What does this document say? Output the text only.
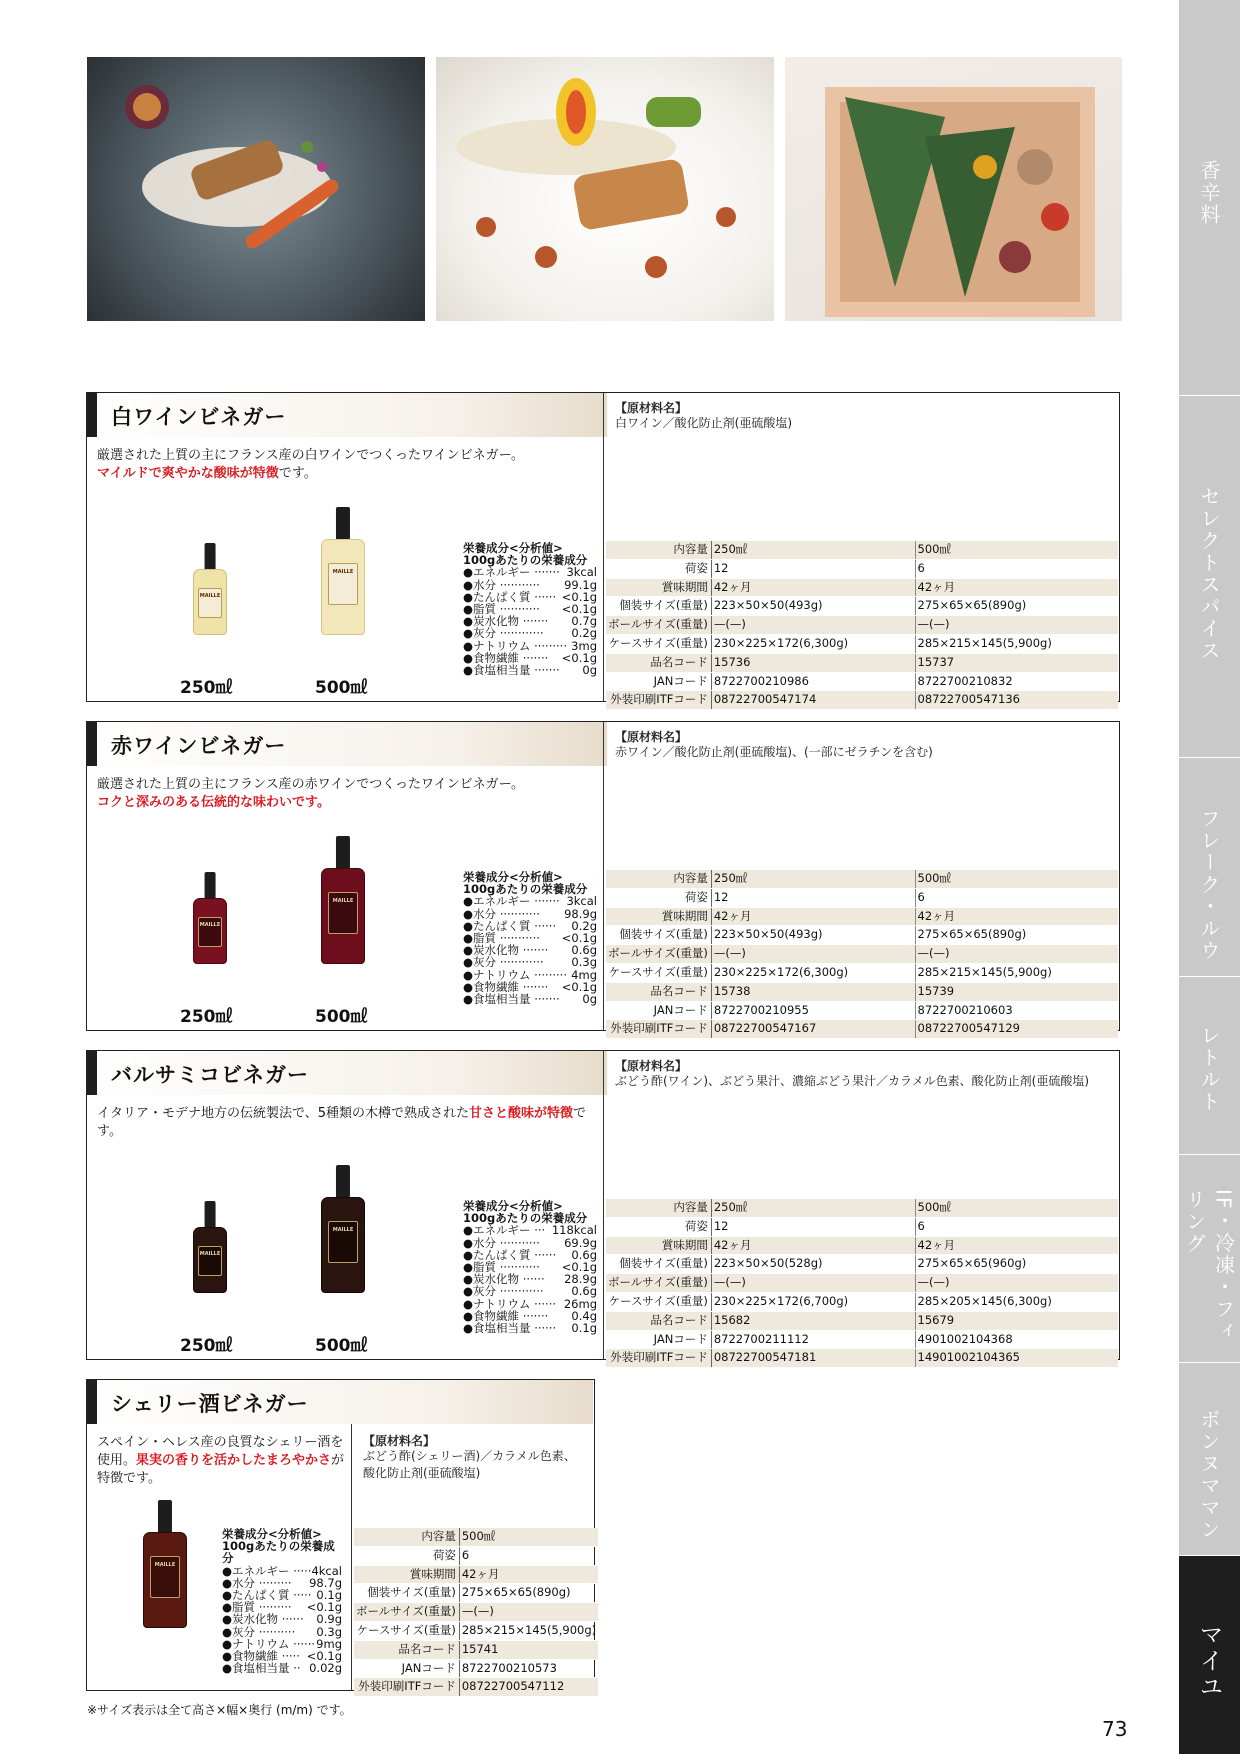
白ワインビネガー
厳選された上質の主にフランス産の白ワインでつくったワインビネガー。
マイルドで爽やかな酸味が特徴です。
【原材料名】
白ワイン／酸化防止剤(亜硫酸塩)
MAILLE
MAILLE
250㎖	500㎖
栄養成分<分析値>
100gあたりの栄養成分
●エネルギー ······· 3kcal
●水分 ··········· 99.1g
●たんぱく質 ······ <0.1g
●脂質 ··········· <0.1g
●炭水化物 ······· 0.7g
●灰分 ············ 0.2g
●ナトリウム ········· 3mg
●食物繊維 ······· <0.1g
●食塩相当量 ······· 0g
内容量	250㎖	500㎖
荷姿	12	6
賞味期間	42ヶ月	42ヶ月
個装サイズ(重量)	223×50×50(493g)	275×65×65(890g)
ボールサイズ(重量)	—(—)	—(—)
ケースサイズ(重量)	230×225×172(6,300g)	285×215×145(5,900g)
品名コード	15736	15737
JANコード	8722700210986	8722700210832
外装印刷ITFコード	08722700547174	08722700547136
赤ワインビネガー
厳選された上質の主にフランス産の赤ワインでつくったワインビネガー。
コクと深みのある伝統的な味わいです。
【原材料名】
赤ワイン／酸化防止剤(亜硫酸塩)、(一部にゼラチンを含む)
MAILLE
MAILLE
250㎖	500㎖
栄養成分<分析値>
100gあたりの栄養成分
●エネルギー ······· 3kcal
●水分 ··········· 98.9g
●たんぱく質 ······ 0.2g
●脂質 ··········· <0.1g
●炭水化物 ······· 0.6g
●灰分 ············ 0.3g
●ナトリウム ········· 4mg
●食物繊維 ······· <0.1g
●食塩相当量 ······· 0g
内容量	250㎖	500㎖
荷姿	12	6
賞味期間	42ヶ月	42ヶ月
個装サイズ(重量)	223×50×50(493g)	275×65×65(890g)
ボールサイズ(重量)	—(—)	—(—)
ケースサイズ(重量)	230×225×172(6,300g)	285×215×145(5,900g)
品名コード	15738	15739
JANコード	8722700210955	8722700210603
外装印刷ITFコード	08722700547167	08722700547129
バルサミコビネガー
イタリア・モデナ地方の伝統製法で、5種類の木樽で熟成された甘さと酸味が特徴です。
【原材料名】
ぶどう酢(ワイン)、ぶどう果汁、濃縮ぶどう果汁／カラメル色素、酸化防止剤(亜硫酸塩)
MAILLE
MAILLE
250㎖	500㎖
栄養成分<分析値>
100gあたりの栄養成分
●エネルギー ··· 118kcal
●水分 ··········· 69.9g
●たんぱく質 ······ 0.6g
●脂質 ··········· <0.1g
●炭水化物 ······ 28.9g
●灰分 ············ 0.6g
●ナトリウム ······ 26mg
●食物繊維 ······· 0.4g
●食塩相当量 ······ 0.1g
内容量	250㎖	500㎖
荷姿	12	6
賞味期間	42ヶ月	42ヶ月
個装サイズ(重量)	223×50×50(528g)	275×65×65(960g)
ボールサイズ(重量)	—(—)	—(—)
ケースサイズ(重量)	230×225×172(6,700g)	285×205×145(6,300g)
品名コード	15682	15679
JANコード	8722700211112	4901002104368
外装印刷ITFコード	08722700547181	14901002104365
シェリー酒ビネガー
スペイン・ヘレス産の良質なシェリー酒を使用。果実の香りを活かしたまろやかさが特徴です。
【原材料名】
ぶどう酢(シェリー酒)／カラメル色素、酸化防止剤(亜硫酸塩)
MAILLE
栄養成分<分析値>
100gあたりの栄養成分
●エネルギー ····· 4kcal
●水分 ········· 98.7g
●たんぱく質 ····· 0.1g
●脂質 ········· <0.1g
●炭水化物 ······ 0.9g
●灰分 ·········· 0.3g
●ナトリウム ······ 9mg
●食物繊維 ····· <0.1g
●食塩相当量 ·· 0.02g
内容量	500㎖
荷姿	6
賞味期間	42ヶ月
個装サイズ(重量)	275×65×65(890g)
ボールサイズ(重量)	—(—)
ケースサイズ(重量)	285×215×145(5,900g)
品名コード	15741
JANコード	8722700210573
外装印刷ITFコード	08722700547112
※サイズ表示は全て高さ×幅×奥行 (m/m) です。
73
香辛料
セレクトスパイス
フレーク・ルウ
レトルト
IF・冷凍・フィリング
ボンヌママン
マイユ
